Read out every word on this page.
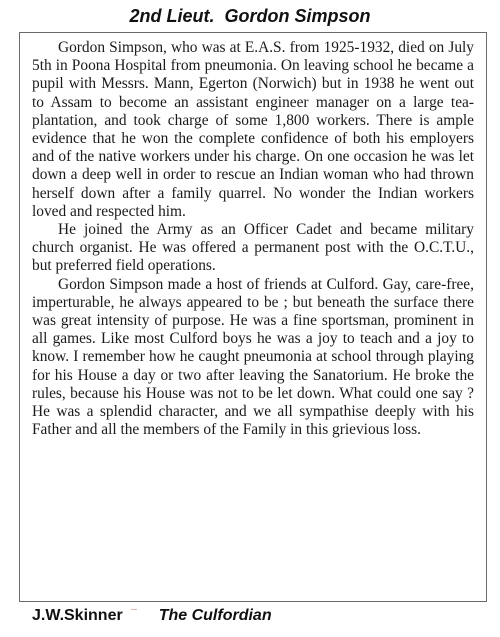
2nd Lieut.  Gordon Simpson

Gordon Simpson, who was at E.A.S. from 1925-1932, died on July 5th in Poona Hospital from pneumonia. On leaving school he became a pupil with Messrs. Mann, Egerton (Norwich) but in 1938 he went out to Assam to become an assistant engineer manager on a large tea-plantation, and took charge of some 1,800 workers. There is ample evidence that he won the complete confidence of both his employers and of the native workers under his charge. On one occasion he was let down a deep well in order to rescue an Indian woman who had thrown herself down after a family quarrel. No wonder the Indian workers loved and respected him.

He joined the Army as an Officer Cadet and became military church organist. He was offered a permanent post with the O.C.T.U., but preferred field operations.

Gordon Simpson made a host of friends at Culford. Gay, care-free, imperturable, he always appeared to be ; but beneath the surface there was great intensity of purpose. He was a fine sportsman, prominent in all games. Like most Culford boys he was a joy to teach and a joy to know. I remember how he caught pneumonia at school through playing for his House a day or two after leaving the Sanatorium. He broke the rules, because his House was not to be let down. What could one say ? He was a splendid character, and we all sympathise deeply with his Father and all the members of the Family in this grievious loss.

J.W.Skinner The Culfordian
